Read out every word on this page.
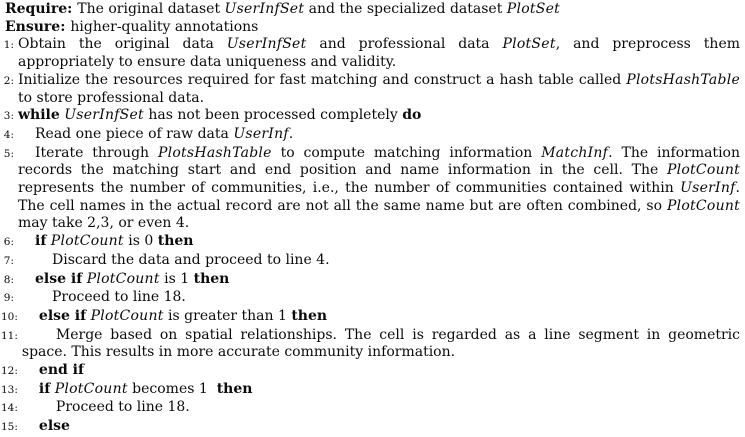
Require: The original dataset UserInfSet and the specialized dataset PlotSet
Ensure: higher-quality annotations
1: Obtain the original data UserInfSet and professional data PlotSet, and preprocess them appropriately to ensure data uniqueness and validity.
2: Initialize the resources required for fast matching and construct a hash table called PlotsHashTable to store professional data.
3: while UserInfSet has not been processed completely do
4:	Read one piece of raw data UserInf.
5:	Iterate through PlotsHashTable to compute matching information MatchInf. The information records the matching start and end position and name information in the cell. The PlotCount represents the number of communities, i.e., the number of communities contained within UserInf. The cell names in the actual record are not all the same name but are often combined, so PlotCount may take 2,3, or even 4.
6:	if PlotCount is 0 then
7:	Discard the data and proceed to line 4.
8:	else if PlotCount is 1 then
9:	Proceed to line 18.
10:	else if PlotCount is greater than 1 then
11:	Merge based on spatial relationships. The cell is regarded as a line segment in geometric space. This results in more accurate community information.
12:	end if
13:	if PlotCount becomes 1  then
14:	Proceed to line 18.
15:	else
